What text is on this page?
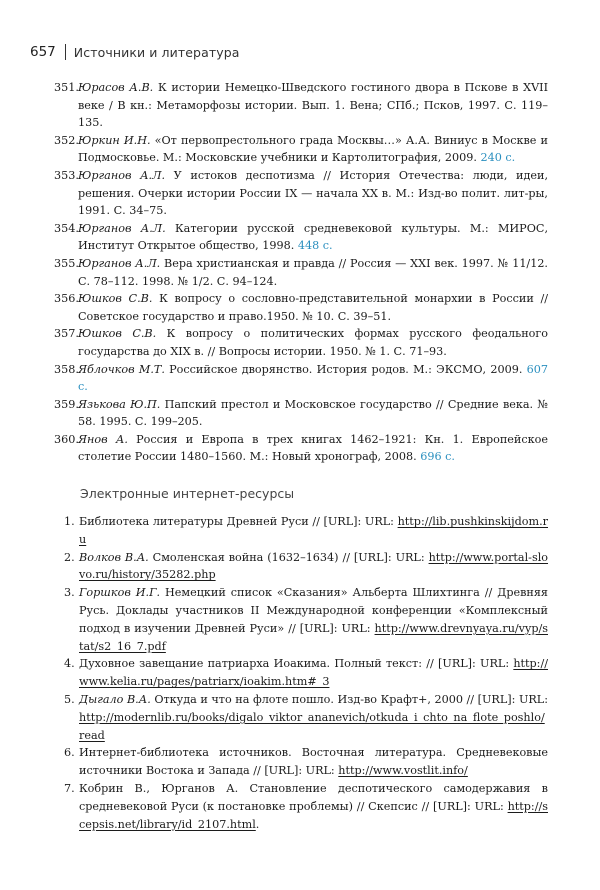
657 Источники и литература
351. Юрасов А.В. К истории Немецко-Шведского гостиного двора в Пскове в XVII веке / В кн.: Метаморфозы истории. Вып. 1. Вена; СПб.; Псков, 1997. С. 119–135.
352. Юркин И.Н. «От первопрестольного града Москвы…» А.А. Виниус в Москве и Подмосковье. М.: Московские учебники и Картолитография, 2009. 240 с.
353. Юрганов А.Л. У истоков деспотизма // История Отечества: люди, идеи, решения. Очерки истории России IX — начала XX в. М.: Изд-во полит. лит-ры, 1991. С. 34–75.
354. Юрганов А.Л. Категории русской средневековой культуры. М.: МИРОС, Институт Открытое общество, 1998. 448 с.
355. Юрганов А.Л. Вера христианская и правда // Россия — XXI век. 1997. № 11/12. С. 78–112. 1998. № 1/2. С. 94–124.
356. Юшков С.В. К вопросу о сословно-представительной монархии в России // Советское государство и право.1950. № 10. С. 39–51.
357. Юшков С.В. К вопросу о политических формах русского феодального государства до XIX в. // Вопросы истории. 1950. № 1. С. 71–93.
358. Яблочков М.Т. Российское дворянство. История родов. М.: ЭКСМО, 2009. 607 с.
359. Язькова Ю.П. Папский престол и Московское государство // Средние века. № 58. 1995. С. 199–205.
360. Янов А. Россия и Европа в трех книгах 1462–1921: Кн. 1. Европейское столетие России 1480–1560. М.: Новый хронограф, 2008. 696 с.
Электронные интернет-ресурсы
1. Библиотека литературы Древней Руси // [URL]: URL: http://lib.pushkinskijdom.ru
2. Волков В.А. Смоленская война (1632–1634) // [URL]: URL: http://www.portal-slovo.ru/history/35282.php
3. Горшков И.Г. Немецкий список «Сказания» Альберта Шлихтинга // Древняя Русь. Доклады участников II Международной конференции «Комплексный подход в изучении Древней Руси» // [URL]: URL: http://www.drevnyaya.ru/vyp/stat/s2_16_7.pdf
4. Духовное завещание патриарха Иоакима. Полный текст: // [URL]: URL: http://www.kelia.ru/pages/patriarx/ioakim.htm#_3
5. Дыгало В.А. Откуда и что на флоте пошло. Изд-во Крафт+, 2000 // [URL]: URL: http://modernlib.ru/books/digalo_viktor_ananevich/otkuda_i_chto_na_flote_poshlo/read
6. Интернет-библиотека источников. Восточная литература. Средневековые источники Востока и Запада // [URL]: URL: http://www.vostlit.info/
7. Кобрин В., Юрганов А. Становление деспотического самодержавия в средневековой Руси (к постановке проблемы) // Скепсис // [URL]: URL: http://scepsis.net/library/id_2107.html.
